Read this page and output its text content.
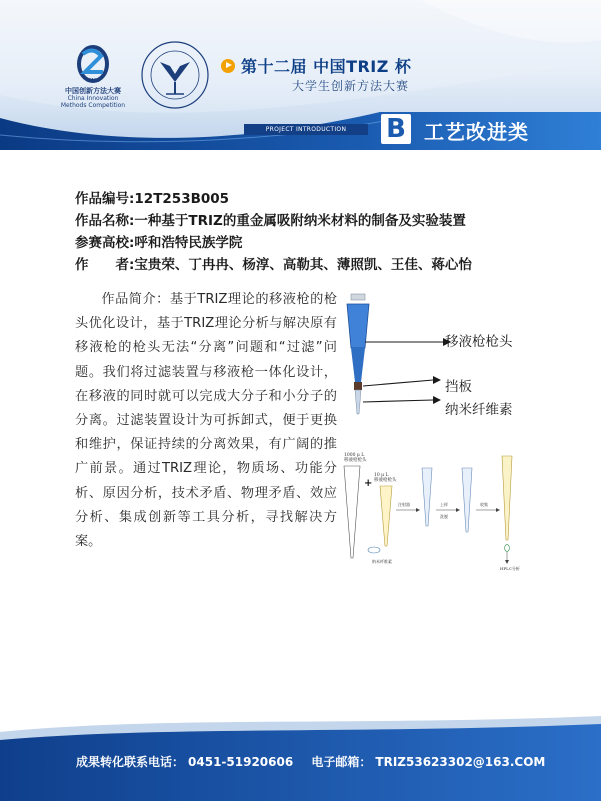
CIMC
中国创新方法大赛
China Innovation
Methods Competition
第十二届 中国TRIZ 杯
大学生创新方法大赛
PROJECT INTRODUCTION	B 工艺改进类
作品编号:12T253B005
作品名称:一种基于TRIZ的重金属吸附纳米材料的制备及实验装置
参赛高校:呼和浩特民族学院
作　　者:宝贵荣、丁冉冉、杨淳、高勒其、薄照凯、王佳、蒋心怡

作品简介：基于TRIZ理论的移液枪的枪头优化设计，基于TRIZ理论分析与解决原有移液枪的枪头无法“分离”问题和“过滤”问题。我们将过滤装置与移液枪一体化设计，在移液的同时就可以完成大分子和小分子的分离。过滤装置设计为可拆卸式，便于更换和维护，保证持续的分离效果，有广阔的推广前景。通过TRIZ理论，物质场、功能分析、原因分析，技术矛盾、物理矛盾、效应分析、集成创新等工具分析，寻找解决方案。

移液枪枪头
挡板
纳米纤维素
1000 μ L
移液枪枪头
+
10 μ L
移液枪枪头
纳米纤维素
注射器	上样
洗脱
收集
HPLC分析
成果转化联系电话： 0451-51920606 电子邮箱： TRIZ53623302@163.COM
